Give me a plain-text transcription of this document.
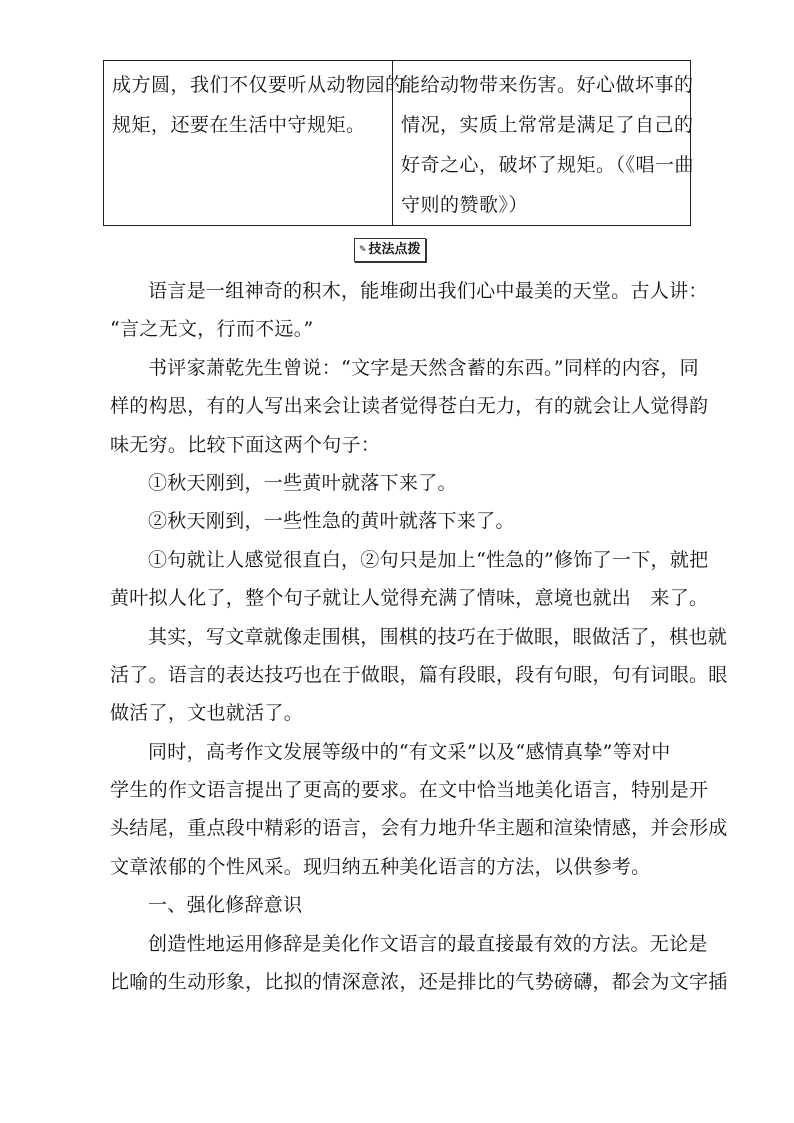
成方圆，我们不仅要听从动物园的
规矩，还要在生活中守规矩。
能给动物带来伤害。好心做坏事的
情况，实质上常常是满足了自己的
好奇之心，破坏了规矩。（《唱一曲
守则的赞歌》）
✎ 技法点拨
语言是一组神奇的积木，能堆砌出我们心中最美的天堂。古人讲：
“言之无文，行而不远。”
书评家萧乾先生曾说：“文字是天然含蓄的东西。”同样的内容，同
样的构思，有的人写出来会让读者觉得苍白无力，有的就会让人觉得韵
味无穷。比较下面这两个句子：
①秋天刚到，一些黄叶就落下来了。
②秋天刚到，一些性急的黄叶就落下来了。
①句就让人感觉很直白，②句只是加上“性急的”修饰了一下，就把
黄叶拟人化了，整个句子就让人觉得充满了情味，意境也就出　来了。
其实，写文章就像走围棋，围棋的技巧在于做眼，眼做活了，棋也就
活了。语言的表达技巧也在于做眼，篇有段眼，段有句眼，句有词眼。眼
做活了，文也就活了。
同时，高考作文发展等级中的“有文采”以及“感情真挚”等对中
学生的作文语言提出了更高的要求。在文中恰当地美化语言，特别是开
头结尾，重点段中精彩的语言，会有力地升华主题和渲染情感，并会形成
文章浓郁的个性风采。现归纳五种美化语言的方法，以供参考。
一、强化修辞意识
创造性地运用修辞是美化作文语言的最直接最有效的方法。无论是
比喻的生动形象，比拟的情深意浓，还是排比的气势磅礴，都会为文字插
